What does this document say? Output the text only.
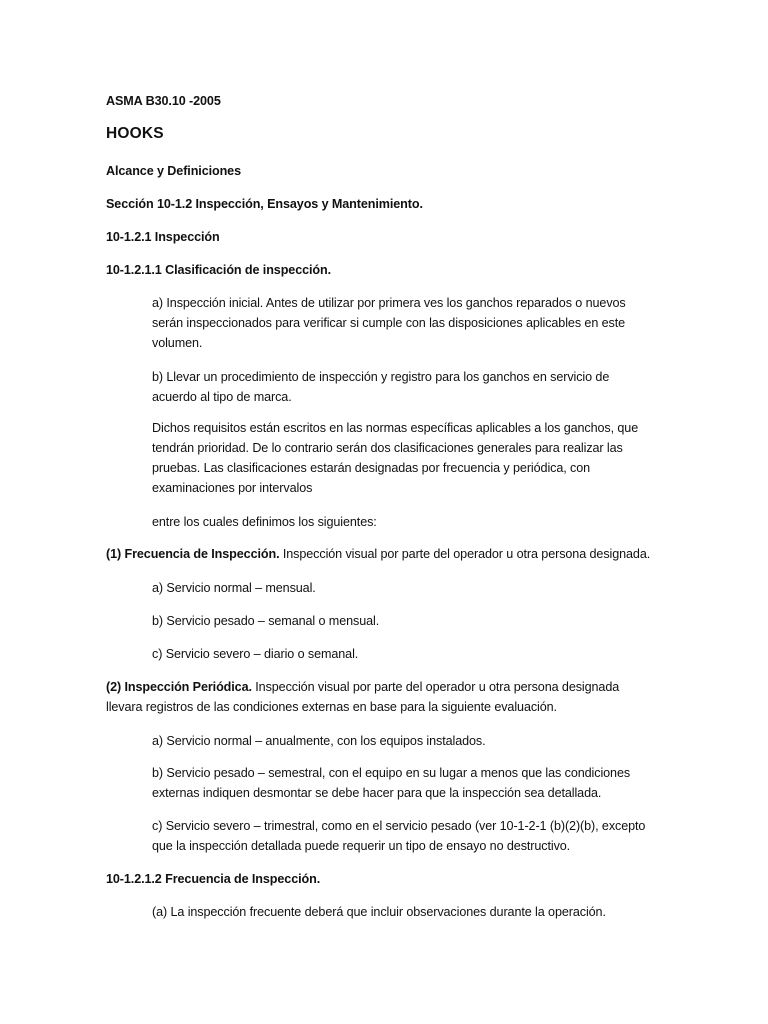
ASMA B30.10 -2005
HOOKS
Alcance y Definiciones
Sección 10-1.2 Inspección, Ensayos y Mantenimiento.
10-1.2.1 Inspección
10-1.2.1.1 Clasificación de inspección.
a) Inspección inicial. Antes de utilizar por primera ves los ganchos reparados o nuevos
serán inspeccionados para verificar si cumple con las disposiciones aplicables en este
volumen.
b) Llevar un procedimiento de inspección y registro para los ganchos en servicio de
acuerdo al tipo de marca.
Dichos requisitos están escritos en las normas específicas aplicables a los ganchos, que
tendrán prioridad. De lo contrario serán dos clasificaciones generales para realizar las
pruebas. Las clasificaciones estarán designadas por frecuencia y periódica, con
examinaciones por intervalos
entre los cuales definimos los siguientes:
(1) Frecuencia de Inspección. Inspección visual por parte del operador u otra persona designada.
a) Servicio normal – mensual.
b) Servicio pesado – semanal o mensual.
c) Servicio severo – diario o semanal.
(2) Inspección Periódica. Inspección visual por parte del operador u otra persona designada
llevara registros de las condiciones externas en base para la siguiente evaluación.
a) Servicio normal – anualmente, con los equipos instalados.
b) Servicio pesado – semestral, con el equipo en su lugar a menos que las condiciones
externas indiquen desmontar se debe hacer para que la inspección sea detallada.
c) Servicio severo – trimestral, como en el servicio pesado (ver 10-1-2-1 (b)(2)(b), excepto
que la inspección detallada puede requerir un tipo de ensayo no destructivo.
10-1.2.1.2 Frecuencia de Inspección.
(a) La inspección frecuente deberá que incluir observaciones durante la operación.
